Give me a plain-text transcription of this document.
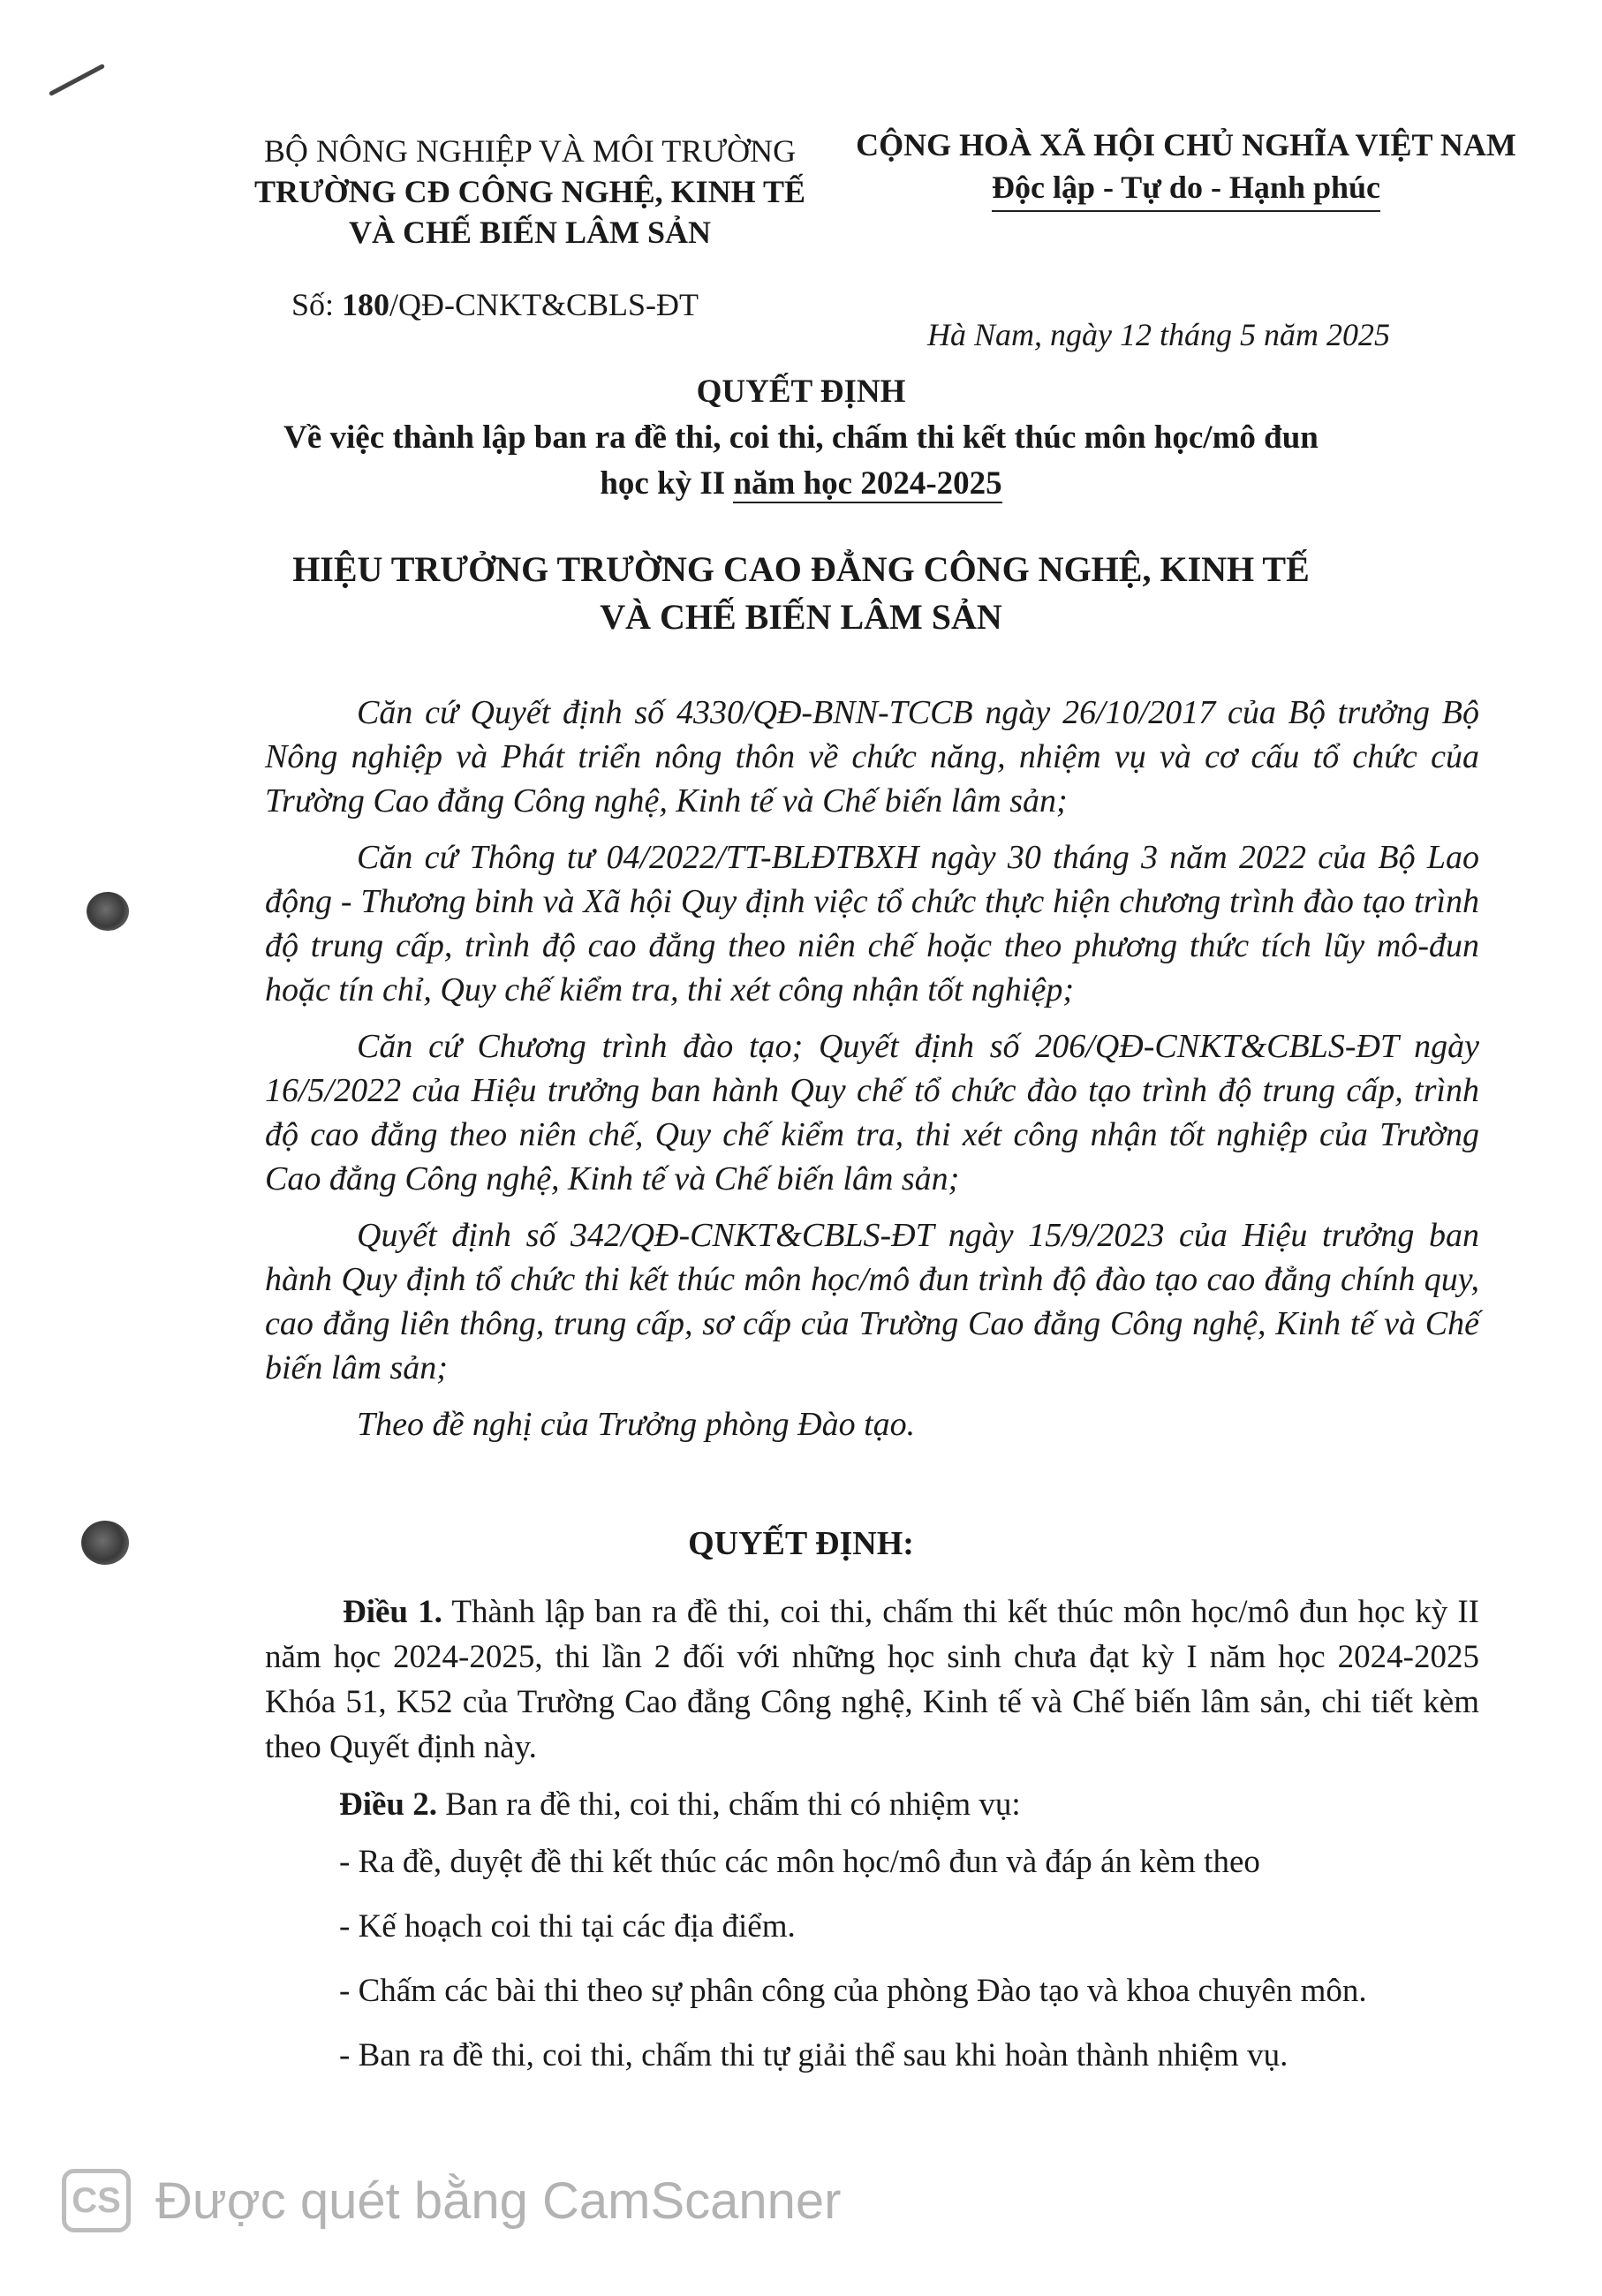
BỘ NÔNG NGHIỆP VÀ MÔI TRƯỜNG
TRƯỜNG CĐ CÔNG NGHỆ, KINH TẾ
VÀ CHẾ BIẾN LÂM SẢN
CỘNG HOÀ XÃ HỘI CHỦ NGHĨA VIỆT NAM
Độc lập - Tự do - Hạnh phúc
Số: 180/QĐ-CNKT&CBLS-ĐT
Hà Nam, ngày 12 tháng 5 năm 2025
QUYẾT ĐỊNH
Về việc thành lập ban ra đề thi, coi thi, chấm thi kết thúc môn học/mô đun
học kỳ II năm học 2024-2025
HIỆU TRƯỞNG TRƯỜNG CAO ĐẲNG CÔNG NGHỆ, KINH TẾ
VÀ CHẾ BIẾN LÂM SẢN

Căn cứ Quyết định số 4330/QĐ-BNN-TCCB ngày 26/10/2017 của Bộ trưởng Bộ Nông nghiệp và Phát triển nông thôn về chức năng, nhiệm vụ và cơ cấu tổ chức của Trường Cao đẳng Công nghệ, Kinh tế và Chế biến lâm sản;

Căn cứ Thông tư 04/2022/TT-BLĐTBXH ngày 30 tháng 3 năm 2022 của Bộ Lao động - Thương binh và Xã hội Quy định việc tổ chức thực hiện chương trình đào tạo trình độ trung cấp, trình độ cao đẳng theo niên chế hoặc theo phương thức tích lũy mô-đun hoặc tín chỉ, Quy chế kiểm tra, thi xét công nhận tốt nghiệp;

Căn cứ Chương trình đào tạo; Quyết định số 206/QĐ-CNKT&CBLS-ĐT ngày 16/5/2022 của Hiệu trưởng ban hành Quy chế tổ chức đào tạo trình độ trung cấp, trình độ cao đẳng theo niên chế, Quy chế kiểm tra, thi xét công nhận tốt nghiệp của Trường Cao đẳng Công nghệ, Kinh tế và Chế biến lâm sản;

Quyết định số 342/QĐ-CNKT&CBLS-ĐT ngày 15/9/2023 của Hiệu trưởng ban hành Quy định tổ chức thi kết thúc môn học/mô đun trình độ đào tạo cao đẳng chính quy, cao đẳng liên thông, trung cấp, sơ cấp của Trường Cao đẳng Công nghệ, Kinh tế và Chế biến lâm sản;

Theo đề nghị của Trưởng phòng Đào tạo.

QUYẾT ĐỊNH:

Điều 1. Thành lập ban ra đề thi, coi thi, chấm thi kết thúc môn học/mô đun học kỳ II năm học 2024-2025, thi lần 2 đối với những học sinh chưa đạt kỳ I năm học 2024-2025 Khóa 51, K52 của Trường Cao đẳng Công nghệ, Kinh tế và Chế biến lâm sản, chi tiết kèm theo Quyết định này.

Điều 2. Ban ra đề thi, coi thi, chấm thi có nhiệm vụ:

- Ra đề, duyệt đề thi kết thúc các môn học/mô đun và đáp án kèm theo
- Kế hoạch coi thi tại các địa điểm.
- Chấm các bài thi theo sự phân công của phòng Đào tạo và khoa chuyên môn.
- Ban ra đề thi, coi thi, chấm thi tự giải thể sau khi hoàn thành nhiệm vụ.
CS Được quét bằng CamScanner
